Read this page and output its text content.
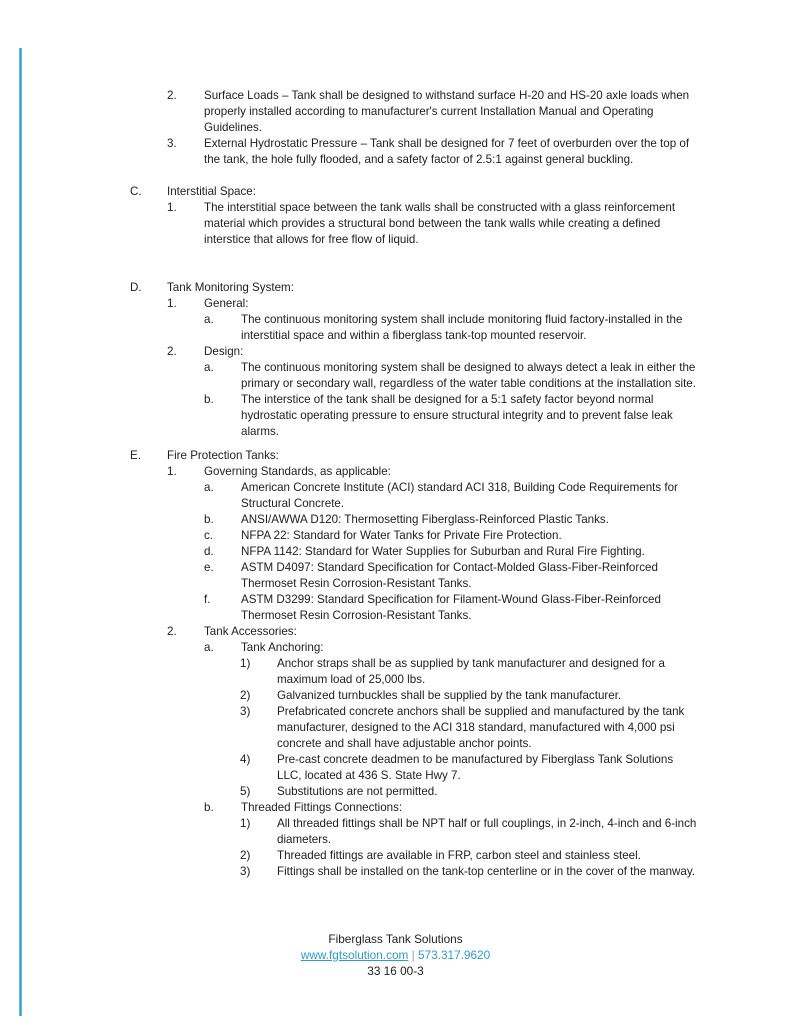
2.	Surface Loads – Tank shall be designed to withstand surface H-20 and HS-20 axle loads when properly installed according to manufacturer's current Installation Manual and Operating Guidelines.
3.	External Hydrostatic Pressure – Tank shall be designed for 7 feet of overburden over the top of the tank, the hole fully flooded, and a safety factor of 2.5:1 against general buckling.
C.	Interstitial Space:
1.	The interstitial space between the tank walls shall be constructed with a glass reinforcement material which provides a structural bond between the tank walls while creating a defined interstice that allows for free flow of liquid.
D.	Tank Monitoring System:
1.	General:
a.	The continuous monitoring system shall include monitoring fluid factory-installed in the interstitial space and within a fiberglass tank-top mounted reservoir.
2.	Design:
a.	The continuous monitoring system shall be designed to always detect a leak in either the primary or secondary wall, regardless of the water table conditions at the installation site.
b.	The interstice of the tank shall be designed for a 5:1 safety factor beyond normal hydrostatic operating pressure to ensure structural integrity and to prevent false leak alarms.
E.	Fire Protection Tanks:
1.	Governing Standards, as applicable:
a.	American Concrete Institute (ACI) standard ACI 318, Building Code Requirements for Structural Concrete.
b.	ANSI/AWWA D120: Thermosetting Fiberglass-Reinforced Plastic Tanks.
c.	NFPA 22: Standard for Water Tanks for Private Fire Protection.
d.	NFPA 1142: Standard for Water Supplies for Suburban and Rural Fire Fighting.
e.	ASTM D4097: Standard Specification for Contact-Molded Glass-Fiber-Reinforced Thermoset Resin Corrosion-Resistant Tanks.
f.	ASTM D3299: Standard Specification for Filament-Wound Glass-Fiber-Reinforced Thermoset Resin Corrosion-Resistant Tanks.
2.	Tank Accessories:
a.	Tank Anchoring:
1)	Anchor straps shall be as supplied by tank manufacturer and designed for a maximum load of 25,000 lbs.
2)	Galvanized turnbuckles shall be supplied by the tank manufacturer.
3)	Prefabricated concrete anchors shall be supplied and manufactured by the tank manufacturer, designed to the ACI 318 standard, manufactured with 4,000 psi concrete and shall have adjustable anchor points.
4)	Pre-cast concrete deadmen to be manufactured by Fiberglass Tank Solutions LLC, located at 436 S. State Hwy 7.
5)	Substitutions are not permitted.
b.	Threaded Fittings Connections:
1)	All threaded fittings shall be NPT half or full couplings, in 2-inch, 4-inch and 6-inch diameters.
2)	Threaded fittings are available in FRP, carbon steel and stainless steel.
3)	Fittings shall be installed on the tank-top centerline or in the cover of the manway.
Fiberglass Tank Solutions
www.fgtsolution.com | 573.317.9620
33 16 00-3
